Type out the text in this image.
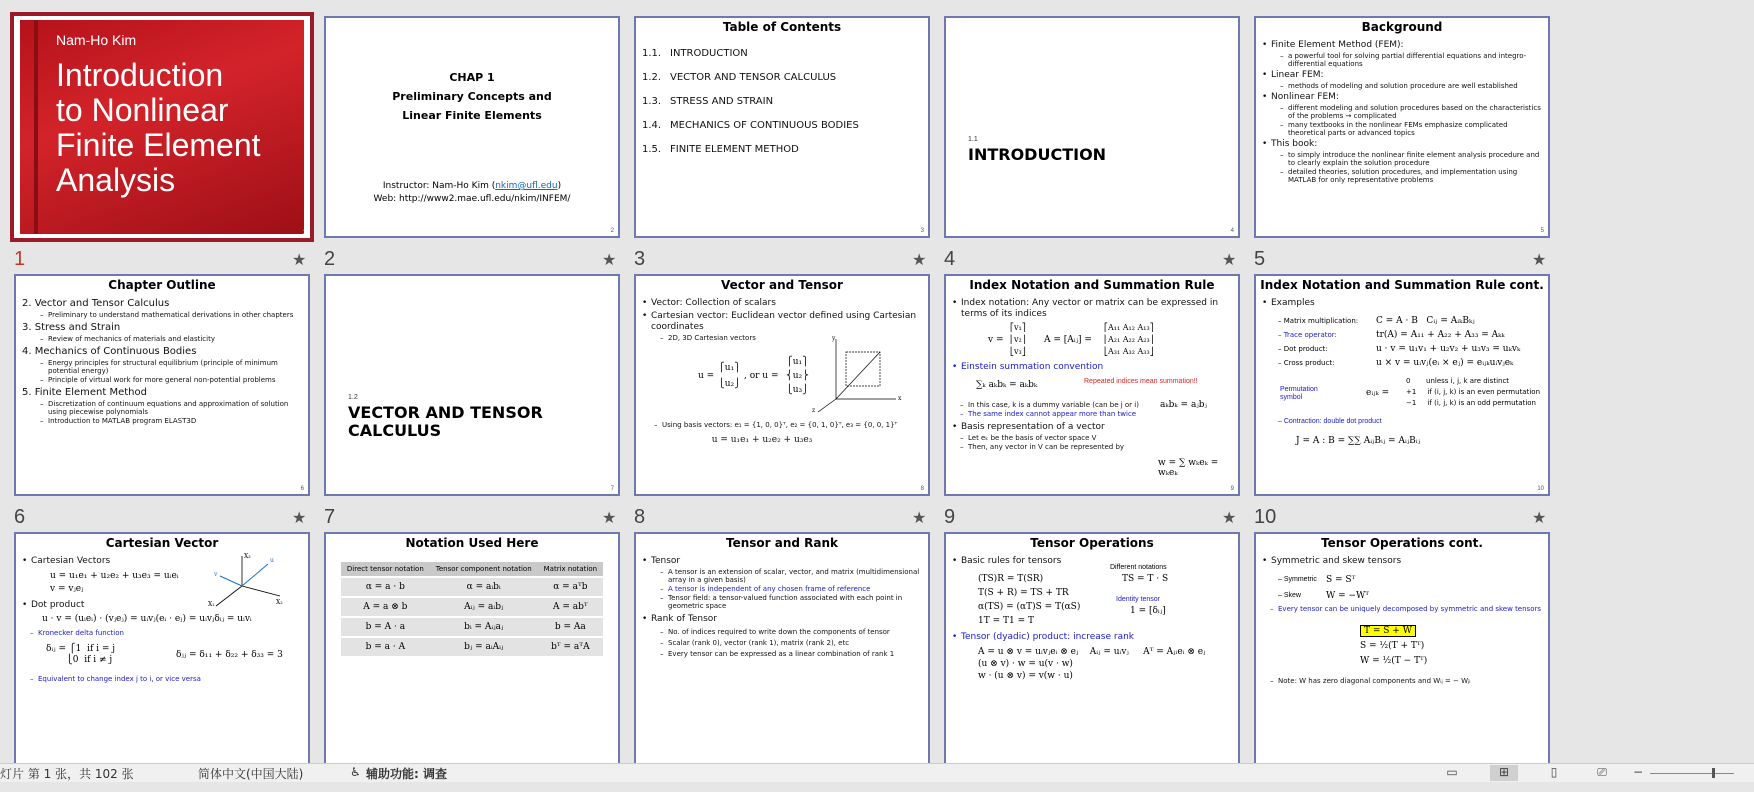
Nam-Ho Kim
Introduction
to Nonlinear
Finite Element
Analysis
1
1	★
CHAP 1
Preliminary Concepts and
Linear Finite Elements
Instructor: Nam-Ho Kim (nkim@ufl.edu)
Web: http://www2.mae.ufl.edu/nkim/INFEM/
2
2	★
Table of Contents
1.1. INTRODUCTION
1.2. VECTOR AND TENSOR CALCULUS
1.3. STRESS AND STRAIN
1.4. MECHANICS OF CONTINUOUS BODIES
1.5. FINITE ELEMENT METHOD
3
3	★
1.1
INTRODUCTION
4
4	★
Background
• Finite Element Method (FEM):
– a powerful tool for solving partial differential equations and integro-differential equations
• Linear FEM:
– methods of modeling and solution procedure are well established
• Nonlinear FEM:
– different modeling and solution procedures based on the characteristics of the problems → complicated
– many textbooks in the nonlinear FEMs emphasize complicated theoretical parts or advanced topics
• This book:
– to simply introduce the nonlinear finite element analysis procedure and to clearly explain the solution procedure
– detailed theories, solution procedures, and implementation using MATLAB for only representative problems
5
5	★
Chapter Outline
2. Vector and Tensor Calculus
– Preliminary to understand mathematical derivations in other chapters
3. Stress and Strain
– Review of mechanics of materials and elasticity
4. Mechanics of Continuous Bodies
– Energy principles for structural equilibrium (principle of minimum potential energy)
– Principle of virtual work for more general non-potential problems
5. Finite Element Method
– Discretization of continuum equations and approximation of solution using piecewise polynomials
– Introduction to MATLAB program ELAST3D
6
6	★
1.2
VECTOR AND TENSOR
CALCULUS
7
7	★
Vector and Tensor
• Vector: Collection of scalars
• Cartesian vector: Euclidean vector defined using Cartesian coordinates
– 2D, 3D Cartesian vectors
u =
⎧u₁⎫
⎩u₂⎭
, or u =
⎧u₁⎫
⎨u₂⎬
⎩u₃⎭
y
x
z
– Using basis vectors: e₁ = {1, 0, 0}ᵀ, e₂ = {0, 1, 0}ᵀ, e₃ = {0, 0, 1}ᵀ
u = u₁e₁ + u₂e₂ + u₃e₃
8
8	★
Index Notation and Summation Rule
• Index notation: Any vector or matrix can be expressed in terms of its indices
v =
⎡v₁⎤
⎢v₂⎥
⎣v₃⎦
A = [Aᵢⱼ] =
⎡A₁₁ A₁₂ A₁₃⎤
⎢A₂₁ A₂₂ A₂₃⎥
⎣A₃₁ A₃₂ A₃₃⎦
• Einstein summation convention
∑ₖ aₖbₖ = aₖbₖ	Repeated indices mean summation!!
– In this case, k is a dummy variable (can be j or i)
– The same index cannot appear more than twice
• Basis representation of a vector
– Let eₖ be the basis of vector space V
– Then, any vector in V can be represented by
aₖbₖ = aⱼbⱼ
w = ∑ wₖeₖ = wₖeₖ
9
9	★
Index Notation and Summation Rule cont.
• Examples
– Matrix multiplication:
– Trace operator:
– Dot product:
– Cross product:
C = A · B   Cᵢⱼ = AᵢₖBₖⱼ
tr(A) = A₁₁ + A₂₂ + A₃₃ = Aₖₖ
u · v = u₁v₁ + u₂v₂ + u₃v₃ = uₖvₖ
u × v = uᵢvⱼ(eᵢ × eⱼ) = eᵢⱼₖuᵢvⱼeₖ
Permutation symbol
0       unless i, j, k are distinct
+1     if (i, j, k) is an even permutation
−1     if (i, j, k) is an odd permutation
eᵢⱼₖ =
– Contraction: double dot product
J = A : B = ∑∑ AᵢⱼBᵢⱼ = AᵢⱼBᵢⱼ
10
10	★
Cartesian Vector
• Cartesian Vectors
u = u₁e₁ + u₂e₂ + u₃e₃ = uᵢeᵢ
v = vⱼeⱼ
u
v
X₃
X₂
X₁
• Dot product
u · v = (uᵢeᵢ) · (vⱼeⱼ) = uᵢvⱼ(eᵢ · eⱼ) = uᵢvⱼδᵢⱼ = uᵢvᵢ
– Kronecker delta function
δᵢⱼ = ⎧1  if i = j
⎩0  if i ≠ j	δⱼⱼ = δ₁₁ + δ₂₂ + δ₃₃ = 3
– Equivalent to change index j to i, or vice versa
Notation Used Here
Direct tensor notation	Tensor component notation	Matrix notation
α = a · b	α = aᵢbᵢ	α = aᵀb
A = a ⊗ b	Aᵢⱼ = aᵢbⱼ	A = abᵀ
b = A · a	bᵢ = Aᵢⱼaⱼ	b = Aa
b = a · A	bⱼ = aᵢAᵢⱼ	bᵀ = aᵀA
Tensor and Rank
• Tensor
– A tensor is an extension of scalar, vector, and matrix (multidimensional array in a given basis)
– A tensor is independent of any chosen frame of reference
– Tensor field: a tensor-valued function associated with each point in geometric space
• Rank of Tensor
– No. of indices required to write down the components of tensor
– Scalar (rank 0), vector (rank 1), matrix (rank 2), etc
– Every tensor can be expressed as a linear combination of rank 1
Tensor Operations
• Basic rules for tensors
(TS)R = T(SR)
T(S + R) = TS + TR
α(TS) = (αT)S = T(αS)
1T = T1 = T
Different notations
TS = T · S
Identity tensor
1 = [δᵢⱼ]
• Tensor (dyadic) product: increase rank
A = u ⊗ v = uᵢvⱼeᵢ ⊗ eⱼ    Aᵢⱼ = uᵢvⱼ     Aᵀ = Aⱼᵢeᵢ ⊗ eⱼ
(u ⊗ v) · w = u(v · w)
w · (u ⊗ v) = v(w · u)
Tensor Operations cont.
• Symmetric and skew tensors
– Symmetric
– Skew
S = Sᵀ
W = −Wᵀ
– Every tensor can be uniquely decomposed by symmetric and skew tensors
T = S + W
S = ½(T + Tᵀ)
W = ½(T − Tᵀ)
– Note: W has zero diagonal components and Wᵢⱼ = − Wⱼᵢ
灯片 第 1 张，共 102 张	简体中文(中国大陆)	♿ 辅助功能: 调查	▭	⊞	▯	⎚	−
